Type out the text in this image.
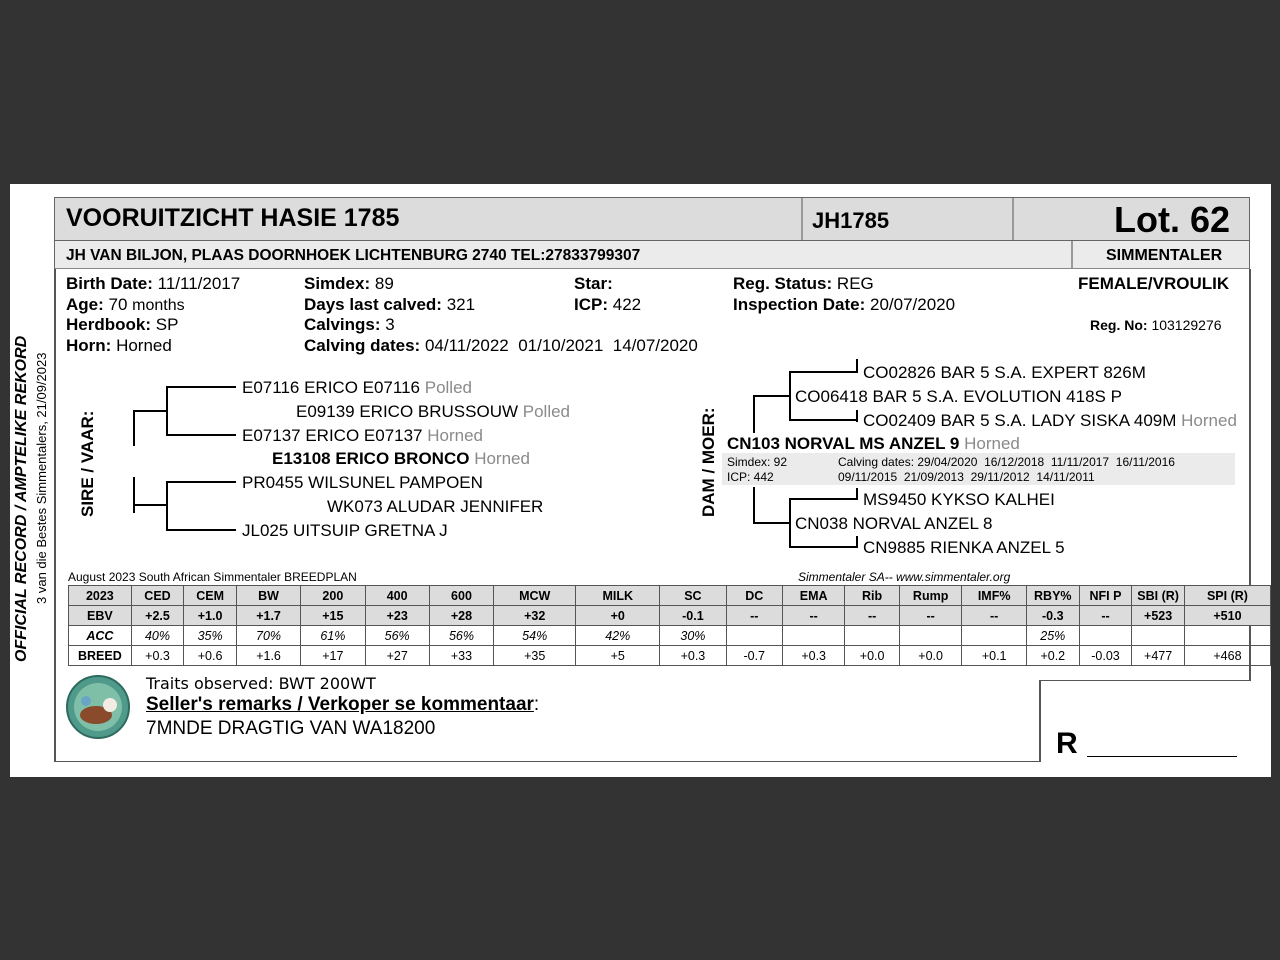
OFFICIAL RECORD / AMPTELIKE REKORD 3 van die Bestes Simmentalers, 21/09/2023
VOORUITZICHT HASIE 1785	JH1785	Lot. 62
JH VAN BILJON, PLAAS DOORNHOEK LICHTENBURG 2740 TEL:27833799307	SIMMENTALER
Birth Date: 11/11/2017
Age: 70 months
Herdbook: SP
Horn: Horned
Simdex: 89
Days last calved: 321
Calvings: 3
Calving dates: 04/11/2022  01/10/2021  14/07/2020
Star:
ICP: 422
Reg. Status: REG
Inspection Date: 20/07/2020
FEMALE/VROULIK
Reg. No: 103129276
SIRE / VAAR:
E07116 ERICO E07116 Polled
E09139 ERICO BRUSSOUW Polled
E07137 ERICO E07137 Horned
E13108 ERICO BRONCO Horned
PR0455 WILSUNEL PAMPOEN
WK073 ALUDAR JENNIFER
JL025 UITSUIP GRETNA J
DAM / MOER:
CO02826 BAR 5 S.A. EXPERT 826M
CO06418 BAR 5 S.A. EVOLUTION 418S P
CO02409 BAR 5 S.A. LADY SISKA 409M Horned
CN103 NORVAL MS ANZEL 9 Horned
Simdex: 92
ICP: 442
Calving dates: 29/04/2020  16/12/2018  11/11/2017  16/11/2016
09/11/2015  21/09/2013  29/11/2012  14/11/2011
MS9450 KYKSO KALHEI
CN038 NORVAL ANZEL 8
CN9885 RIENKA ANZEL 5
August 2023 South African Simmentaler BREEDPLAN	Simmentaler SA-- www.simmentaler.org
2023	CED	CEM	BW	200	400	600	MCW	MILK	SC	DC	EMA	Rib	Rump	IMF%	RBY%	NFI P	SBI (R)	SPI (R)
EBV	+2.5	+1.0	+1.7	+15	+23	+28	+32	+0	-0.1	--	--	--	--	--	-0.3	--	+523	+510
ACC	40%	35%	70%	61%	56%	56%	54%	42%	30%						25%			
BREED	+0.3	+0.6	+1.6	+17	+27	+33	+35	+5	+0.3	-0.7	+0.3	+0.0	+0.0	+0.1	+0.2	-0.03	+477	+468
Traits observed: BWT 200WT
Seller's remarks / Verkoper se kommentaar:
7MNDE DRAGTIG VAN WA18200	R
